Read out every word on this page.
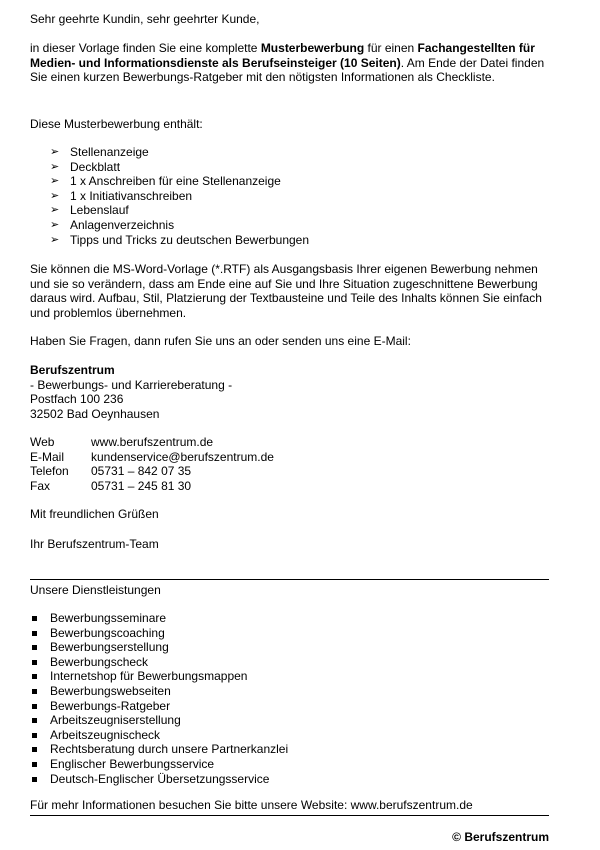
Sehr geehrte Kundin, sehr geehrter Kunde,

in dieser Vorlage finden Sie eine komplette Musterbewerbung für einen Fachangestellten für Medien- und Informationsdienste als Berufseinsteiger (10 Seiten). Am Ende der Datei finden Sie einen kurzen Bewerbungs-Ratgeber mit den nötigsten Informationen als Checkliste.

Diese Musterbewerbung enthält:

➢ Stellenanzeige
➢ Deckblatt
➢ 1 x Anschreiben für eine Stellenanzeige
➢ 1 x Initiativanschreiben
➢ Lebenslauf
➢ Anlagenverzeichnis
➢ Tipps und Tricks zu deutschen Bewerbungen

Sie können die MS-Word-Vorlage (*.RTF) als Ausgangsbasis Ihrer eigenen Bewerbung nehmen und sie so verändern, dass am Ende eine auf Sie und Ihre Situation zugeschnittene Bewerbung daraus wird. Aufbau, Stil, Platzierung der Textbausteine und Teile des Inhalts können Sie einfach und problemlos übernehmen.

Haben Sie Fragen, dann rufen Sie uns an oder senden uns eine E-Mail:

Berufszentrum

- Bewerbungs- und Karriereberatung -

Postfach 100 236

32502 Bad Oeynhausen

Web	www.berufszentrum.de
E-Mail	kundenservice@berufszentrum.de
Telefon	05731 – 842 07 35
Fax	05731 – 245 81 30

Mit freundlichen Grüßen

Ihr Berufszentrum-Team

Unsere Dienstleistungen

Bewerbungsseminare
Bewerbungscoaching
Bewerbungserstellung
Bewerbungscheck
Internetshop für Bewerbungsmappen
Bewerbungswebseiten
Bewerbungs-Ratgeber
Arbeitszeugniserstellung
Arbeitszeugnischeck
Rechtsberatung durch unsere Partnerkanzlei
Englischer Bewerbungsservice
Deutsch-Englischer Übersetzungsservice

Für mehr Informationen besuchen Sie bitte unsere Website: www.berufszentrum.de

© Berufszentrum
